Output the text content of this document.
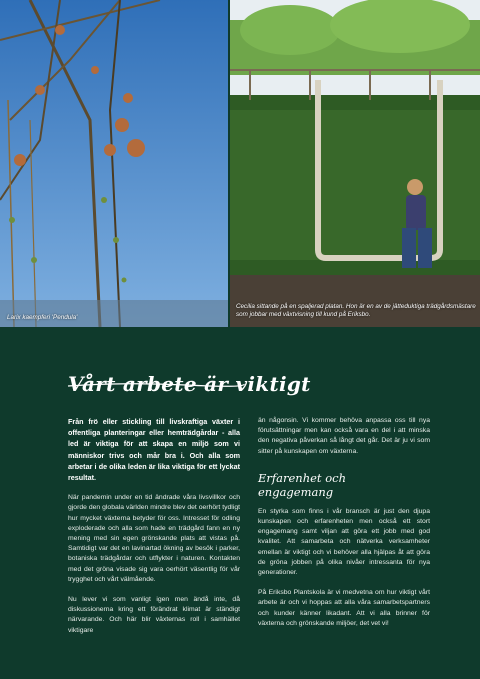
Larix kaempferi 'Pendula'
Cecilia sittande på en spaljerad platan. Hon är en av de jätteduktiga trädgårdsmästare som jobbar med växtvisning till kund på Eriksbo.
Vårt arbete är viktigt

Från frö eller stickling till livskraftiga växter i offentliga planteringar eller hemträdgårdar - alla led är viktiga för att skapa en miljö som vi människor trivs och mår bra i. Och alla som arbetar i de olika leden är lika viktiga för ett lyckat resultat.

När pandemin under en tid ändrade våra livsvillkor och gjorde den globala världen mindre blev det oerhört tydligt hur mycket växterna betyder för oss. Intresset för odling exploderade och alla som hade en trädgård fann en ny mening med sin egen grönskande plats att vistas på. Samtidigt var det en lavinartad ökning av besök i parker, botaniska trädgårdar och utflykter i naturen. Kontakten med det gröna visade sig vara oerhört väsentlig för vår trygghet och vårt välmående.

Nu lever vi som vanligt igen men ändå inte, då diskussionerna kring ett förändrat klimat är ständigt närvarande. Och här blir växternas roll i samhället viktigare

än någonsin. Vi kommer behöva anpassa oss till nya förutsättningar men kan också vara en del i att minska den negativa påverkan så långt det går. Det är ju vi som sitter på kunskapen om växterna.

Erfarenhet och engagemang

En styrka som finns i vår bransch är just den djupa kunskapen och erfarenheten men också ett stort engagemang samt viljan att göra ett jobb med god kvalitet. Att samarbeta och nätverka verksamheter emellan är viktigt och vi behöver alla hjälpas åt att göra de gröna jobben på olika nivåer intressanta för nya generationer.

På Eriksbo Plantskola är vi medvetna om hur viktigt vårt arbete är och vi hoppas att alla våra samarbetspartners och kunder känner likadant. Att vi alla brinner för växterna och grönskande miljöer, det vet vi!
